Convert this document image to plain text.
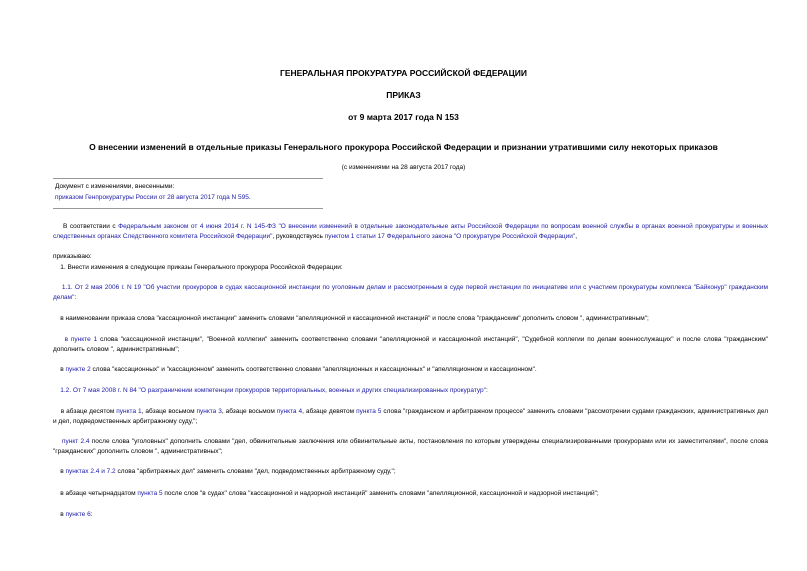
ГЕНЕРАЛЬНАЯ ПРОКУРАТУРА РОССИЙСКОЙ ФЕДЕРАЦИИ
ПРИКАЗ
от 9 марта 2017 года N 153
О внесении изменений в отдельные приказы Генерального прокурора Российской Федерации и признании утратившими силу некоторых приказов
(с изменениями на 28 августа 2017 года)
Документ с изменениями, внесенными:
приказом Генпрокуратуры России от 28 августа 2017 года N 595.
В соответствии с Федеральным законом от 4 июня 2014 г. N 145-ФЗ "О внесении изменений в отдельные законодательные акты Российской Федерации по вопросам военной службы в органах военной прокуратуры и военных следственных органах Следственного комитета Российской Федерации", руководствуясь пунктом 1 статьи 17 Федерального закона "О прокуратуре Российской Федерации",
приказываю:
1. Внести изменения в следующие приказы Генерального прокурора Российской Федерации:
1.1. От 2 мая 2006 г. N 19 "Об участии прокуроров в судах кассационной инстанции по уголовным делам и рассмотренным в суде первой инстанции по инициативе или с участием прокуратуры комплекса "Байконур" гражданским делам":
в наименовании приказа слова "кассационной инстанции" заменить словами "апелляционной и кассационной инстанций" и после слова "гражданским" дополнить словом ", административным";
в пункте 1 слова "кассационной инстанции", "Военной коллегии" заменить соответственно словами "апелляционной и кассационной инстанций", "Судебной коллегии по делам военнослужащих" и после слова "гражданским" дополнить словом ", административным";
в пункте 2 слова "кассационных" и "кассационном" заменить соответственно словами "апелляционных и кассационных" и "апелляционном и кассационном".
1.2. От 7 мая 2008 г. N 84 "О разграничении компетенции прокуроров территориальных, военных и других специализированных прокуратур":
в абзаце десятом пункта 1, абзаце восьмом пункта 3, абзаце восьмом пункта 4, абзаце девятом пункта 5 слова "гражданском и арбитражном процессе" заменить словами "рассмотрении судами гражданских, административных дел и дел, подведомственных арбитражному суду,";
пункт 2.4 после слова "уголовных" дополнить словами "дел, обвинительные заключения или обвинительные акты, постановления по которым утверждены специализированными прокурорами или их заместителями", после слова "гражданских" дополнить словом ", административных";
в пунктах 2.4 и 7.2 слова "арбитражных дел" заменить словами "дел, подведомственных арбитражному суду,";
в абзаце четырнадцатом пункта 5 после слов "в судах" слова "кассационной и надзорной инстанций" заменить словами "апелляционной, кассационной и надзорной инстанций";
в пункте 6:
